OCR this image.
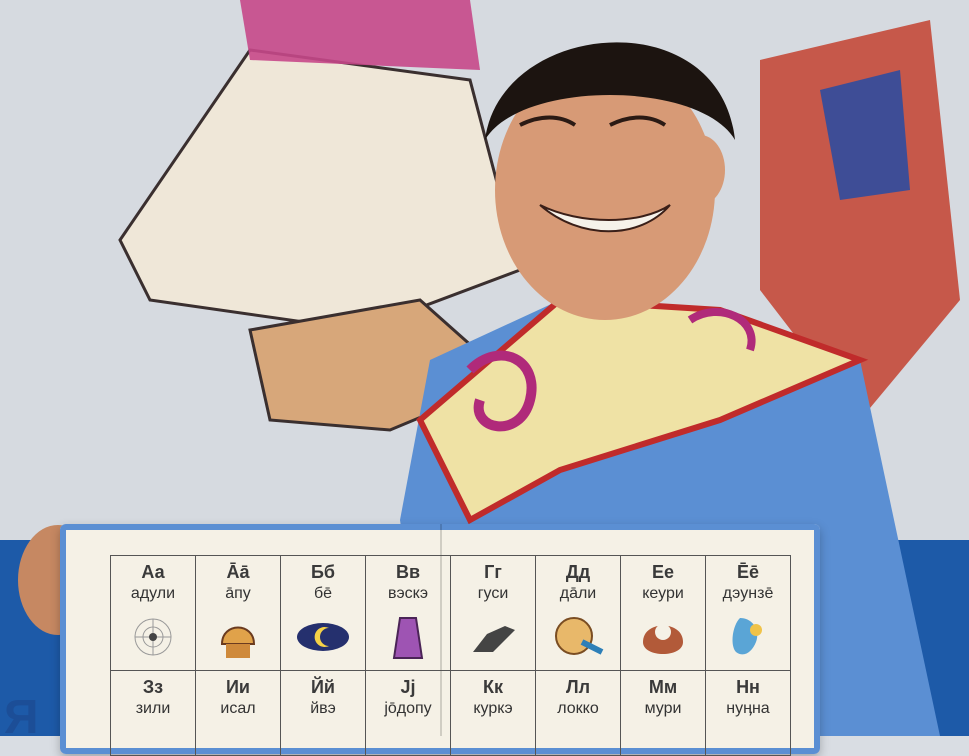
Я
Аа
адули
Āā
āпу
Бб
бē
Вв
вэскэ
Гг
гуси
Дд
дāли
Ее
кеури
Ēē
дэунзē
Зз
зили
Ии
исал
Йй
йвэ
Јj
jōдопу
Кк
куркэ
Лл
локко
Мм
мури
Нн
нуӊна
